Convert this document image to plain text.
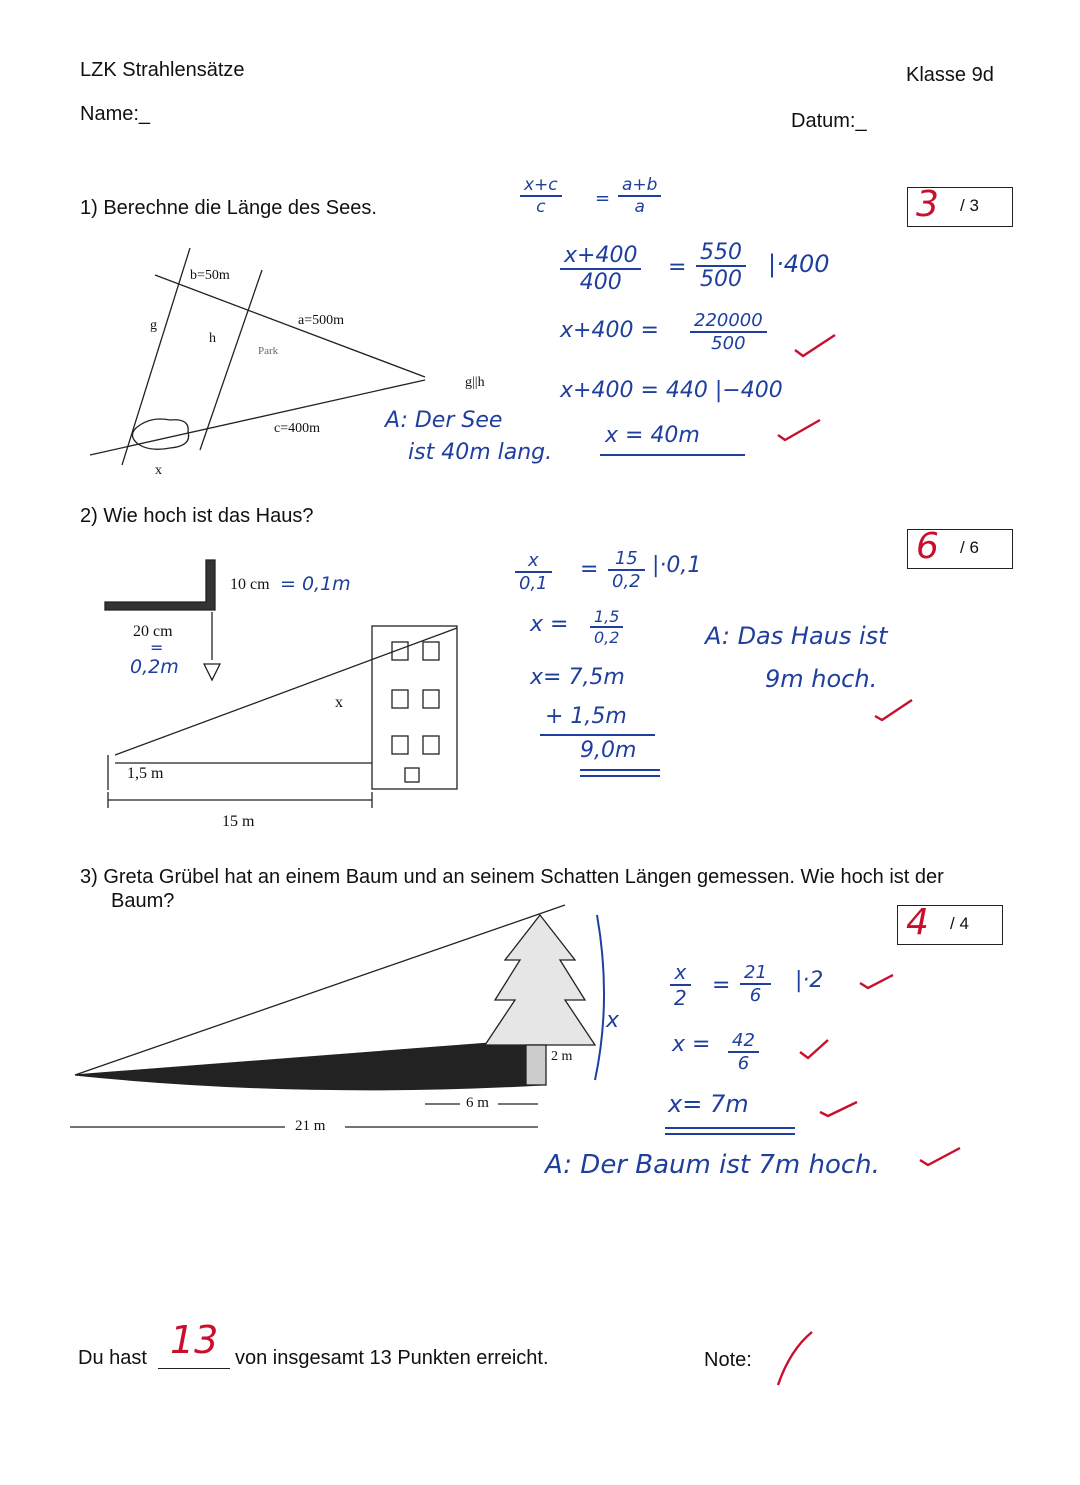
LZK Strahlensätze	Klasse 9d
Name:_	Datum:_
1) Berechne die Länge des Sees.	3 / 3
b=50m
a=500m
c=400m
g
h
x
g||h
Park
$\frac{x+c}{c} = \frac{a+b}{a}$
$\frac{x+400}{400} = \frac{550}{500} |\cdot 400$
$x+400 = \frac{220000}{500}$
x+400 = 440 |−400
x = 40m
A: Der See
ist 40m lang.
2) Wie hoch ist das Haus?
6 / 6
10 cm = 0,1m
20 cm
=
0,2m
1,5 m
15 m
x
$\frac{x}{0,1} = \frac{15}{0,2} |\cdot 0,1$
$x = \frac{1,5}{0,2}$
x= 7,5m
+ 1,5m
9,0m
A: Das Haus ist
9m hoch.
3) Greta Grübel hat an einem Baum und an seinem Schatten Längen gemessen. Wie hoch ist der
Baum?
4 / 4
2 m
6 m
21 m
x
$\frac{x}{2} = \frac{21}{6} |\cdot 2$
$x = \frac{42}{6}$
x= 7m
A: Der Baum ist 7m hoch.
Du hast 13 von insgesamt 13 Punkten erreicht.	Note:
